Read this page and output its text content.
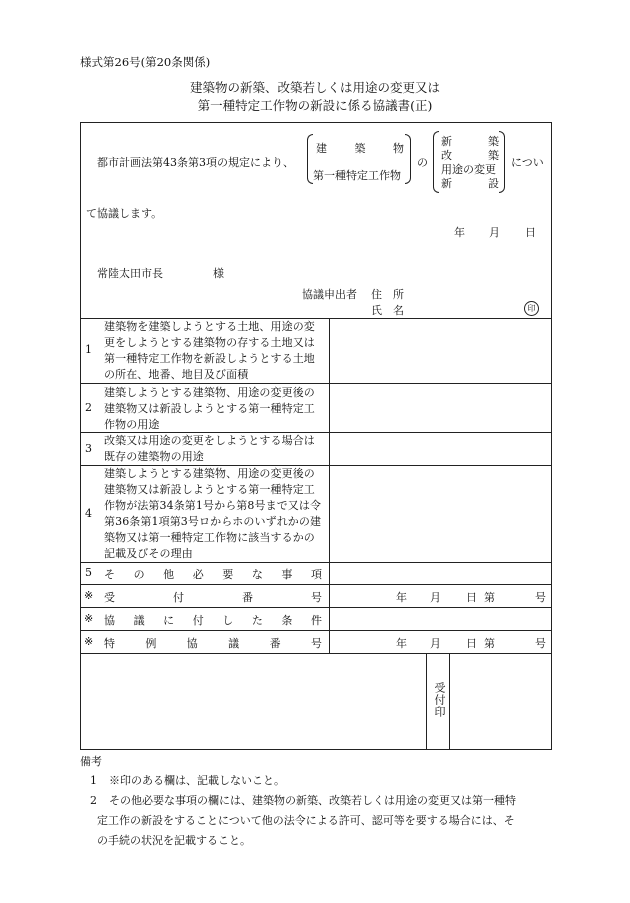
様式第26号(第20条関係)
建築物の新築、改築若しくは用途の変更又は
第一種特定工作物の新設に係る協議書(正)
都市計画法第43条第3項の規定により、
建	築	物
第一種特定工作物
の
新	築
改	築
用途の変更
新	設
につい
て協議します。
年 月 日
常陸太田市長	様
協議申出者 住　所
氏　名	印
1
建築物を建築しようとする土地、用途の変
更をしようとする建築物の存する土地又は
第一種特定工作物を新設しようとする土地
の所在、地番、地目及び面積
2
建築しようとする建築物、用途の変更後の
建築物又は新設しようとする第一種特定工
作物の用途
3
改築又は用途の変更をしようとする場合は
既存の建築物の用途
4
建築しようとする建築物、用途の変更後の
建築物又は新設しようとする第一種特定工
作物が法第34条第1号から第8号まで又は令
第36条第1項第3号ロからホのいずれかの建
築物又は第一種特定工作物に該当するかの
記載及びその理由
5 そ の 他 必 要 な 事 項
※ 受	付	番	号	年 月 日 第	号
※ 協 議 に 付 し た 条 件
※ 特	例	協	議	番	号	年 月 日 第	号
受付印
備考
1 ※印のある欄は、記載しないこと。
2 その他必要な事項の欄には、建築物の新築、改築若しくは用途の変更又は第一種特
定工作の新設をすることについて他の法令による許可、認可等を要する場合には、そ
の手続の状況を記載すること。
